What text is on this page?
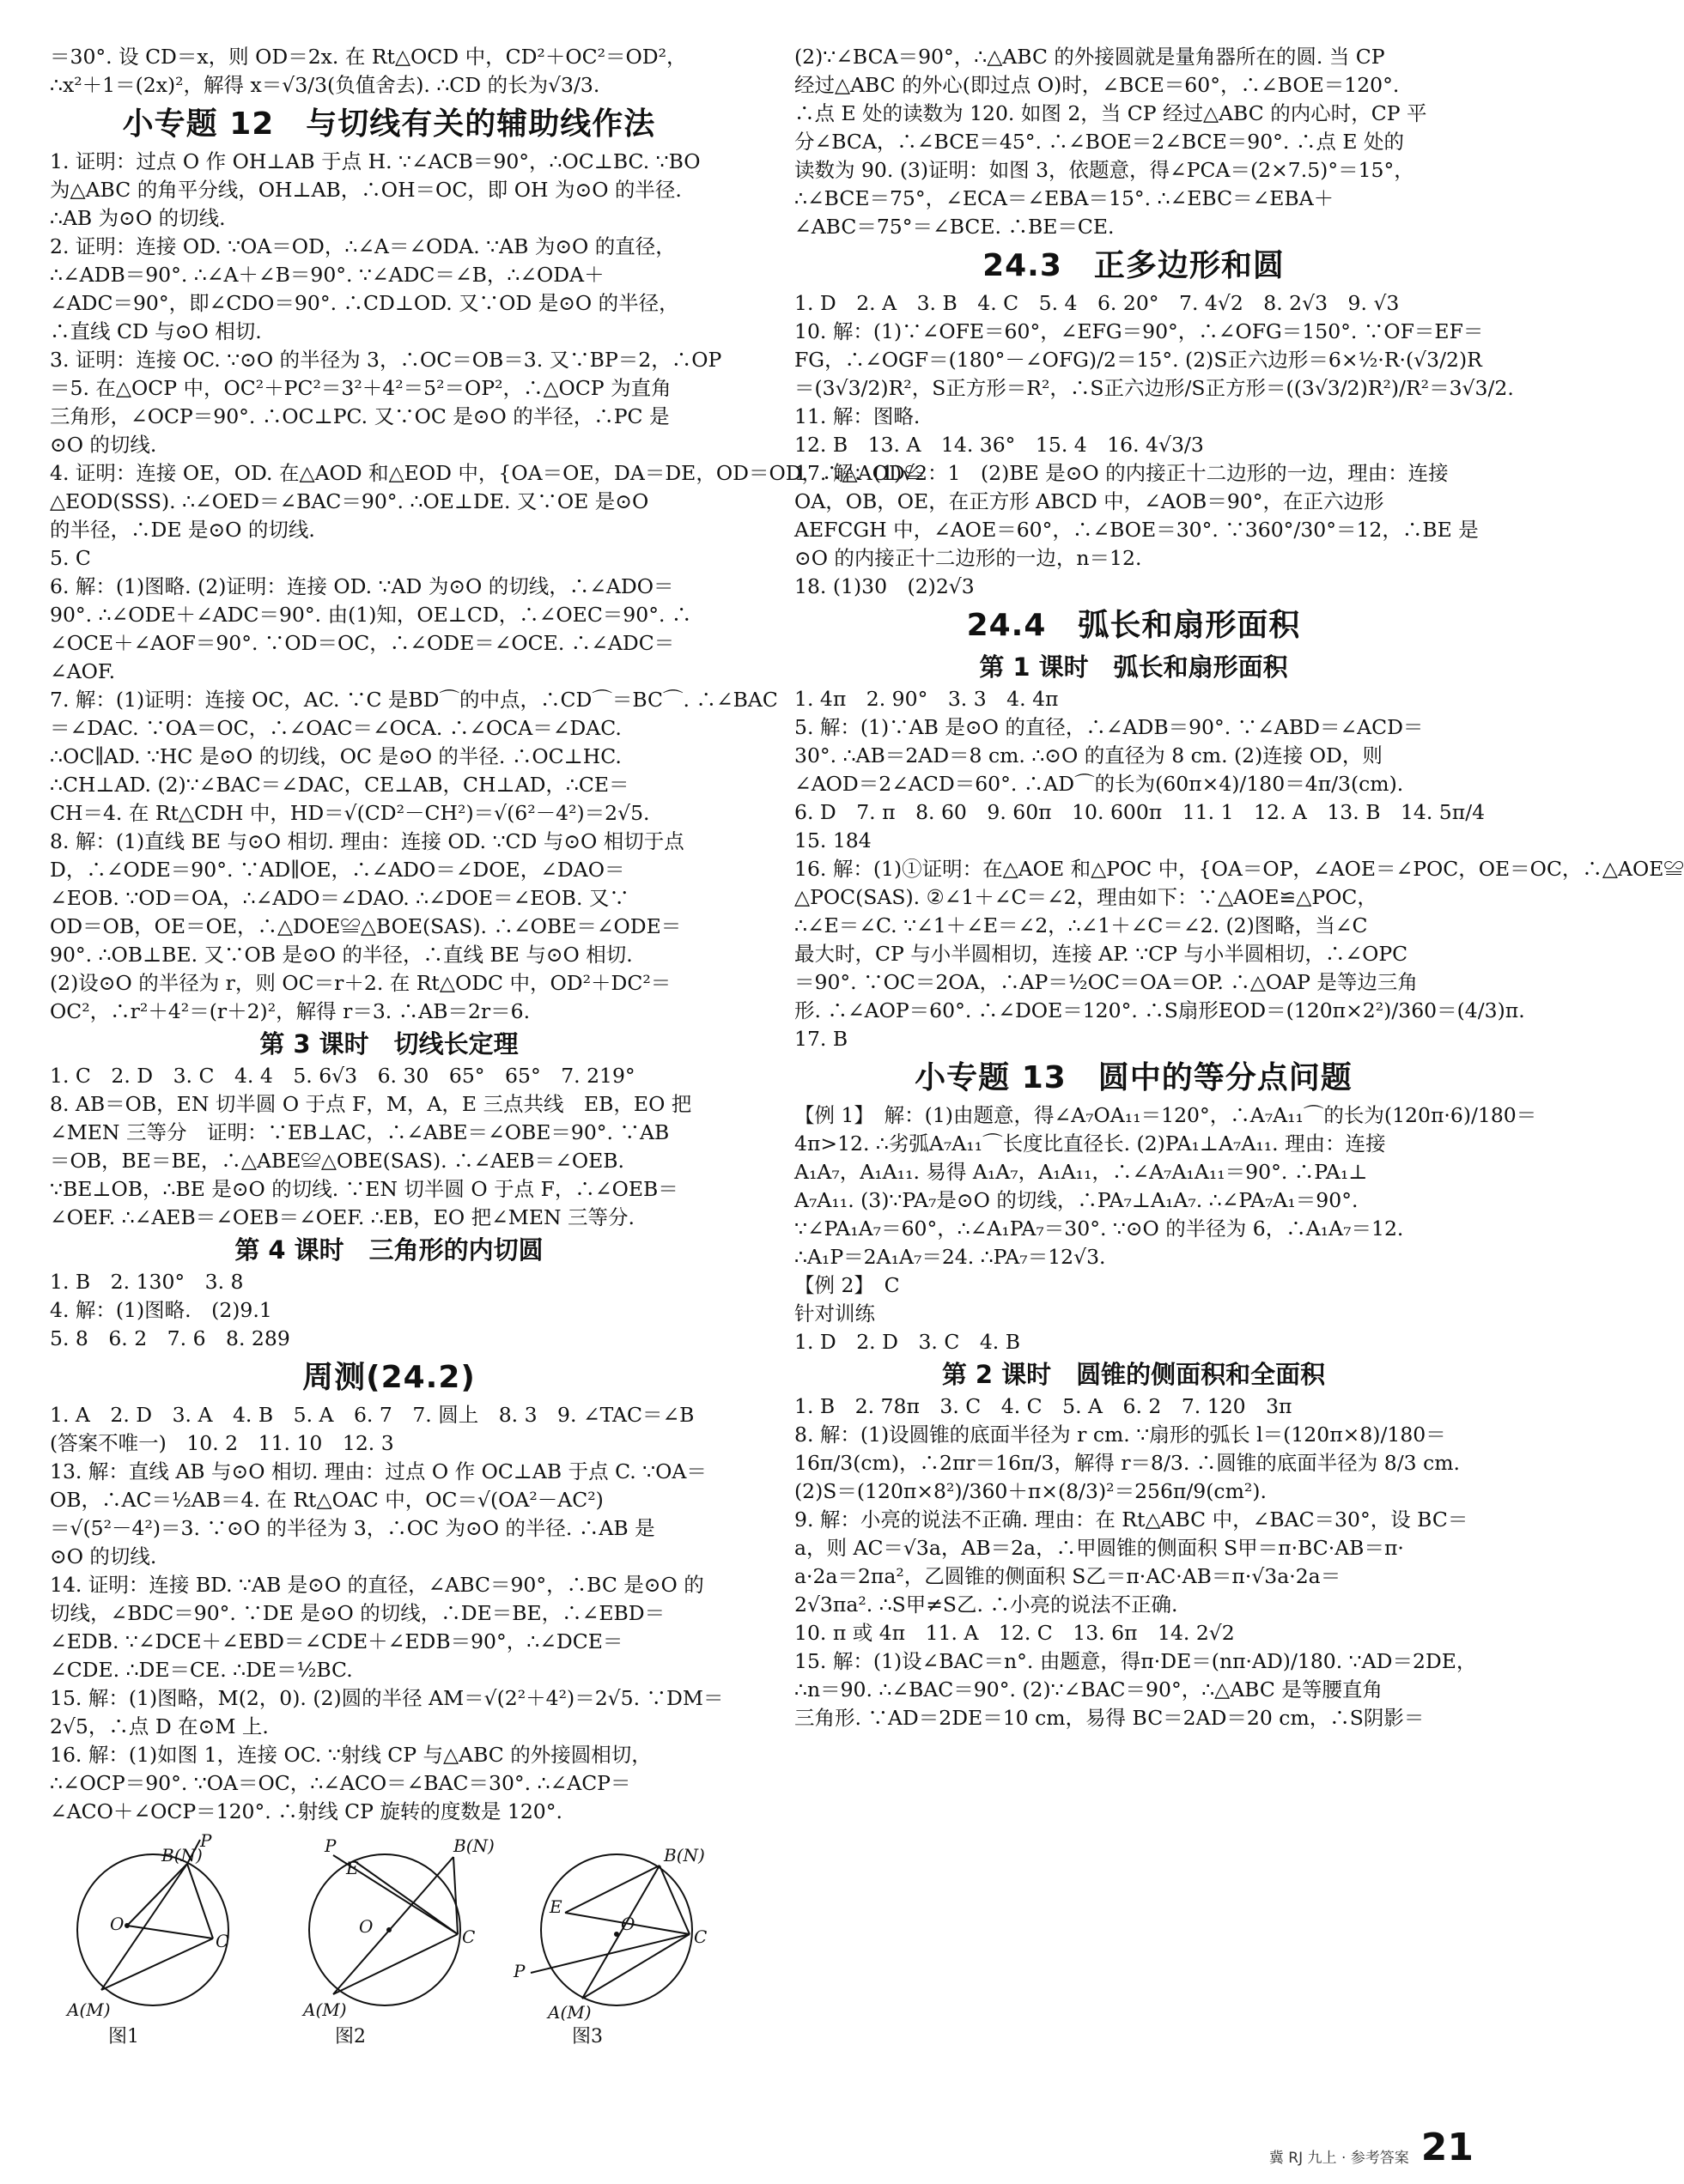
＝30°. 设 CD＝x，则 OD＝2x. 在 Rt△OCD 中，CD²＋OC²＝OD²，
∴x²＋1＝(2x)²，解得 x＝√3/3(负值舍去). ∴CD 的长为√3/3.
小专题 12　与切线有关的辅助线作法
1. 证明：过点 O 作 OH⊥AB 于点 H. ∵∠ACB＝90°，∴OC⊥BC. ∵BO
为△ABC 的角平分线，OH⊥AB，∴OH＝OC，即 OH 为⊙O 的半径.
∴AB 为⊙O 的切线.
2. 证明：连接 OD. ∵OA＝OD，∴∠A＝∠ODA. ∵AB 为⊙O 的直径，
∴∠ADB＝90°. ∴∠A＋∠B＝90°. ∵∠ADC＝∠B，∴∠ODA＋
∠ADC＝90°，即∠CDO＝90°. ∴CD⊥OD. 又∵OD 是⊙O 的半径，
∴直线 CD 与⊙O 相切.
3. 证明：连接 OC. ∵⊙O 的半径为 3，∴OC＝OB＝3. 又∵BP＝2，∴OP
＝5. 在△OCP 中，OC²＋PC²＝3²＋4²＝5²＝OP²，∴△OCP 为直角
三角形，∠OCP＝90°. ∴OC⊥PC. 又∵OC 是⊙O 的半径，∴PC 是
⊙O 的切线.
4. 证明：连接 OE，OD. 在△AOD 和△EOD 中，{OA＝OE，DA＝DE，OD＝OD，∴△AOD≌
△EOD(SSS). ∴∠OED＝∠BAC＝90°. ∴OE⊥DE. 又∵OE 是⊙O
的半径，∴DE 是⊙O 的切线.
5. C
6. 解：(1)图略. (2)证明：连接 OD. ∵AD 为⊙O 的切线，∴∠ADO＝
90°. ∴∠ODE＋∠ADC＝90°. 由(1)知，OE⊥CD，∴∠OEC＝90°. ∴
∠OCE＋∠AOF＝90°. ∵OD＝OC，∴∠ODE＝∠OCE. ∴∠ADC＝
∠AOF.
7. 解：(1)证明：连接 OC，AC. ∵C 是BD⌒的中点，∴CD⌒＝BC⌒. ∴∠BAC
＝∠DAC. ∵OA＝OC，∴∠OAC＝∠OCA. ∴∠OCA＝∠DAC.
∴OC∥AD. ∵HC 是⊙O 的切线，OC 是⊙O 的半径. ∴OC⊥HC.
∴CH⊥AD. (2)∵∠BAC＝∠DAC，CE⊥AB，CH⊥AD，∴CE＝
CH＝4. 在 Rt△CDH 中，HD＝√(CD²－CH²)＝√(6²－4²)＝2√5.
8. 解：(1)直线 BE 与⊙O 相切. 理由：连接 OD. ∵CD 与⊙O 相切于点
D，∴∠ODE＝90°. ∵AD∥OE，∴∠ADO＝∠DOE，∠DAO＝
∠EOB. ∵OD＝OA，∴∠ADO＝∠DAO. ∴∠DOE＝∠EOB. 又∵
OD＝OB，OE＝OE，∴△DOE≌△BOE(SAS). ∴∠OBE＝∠ODE＝
90°. ∴OB⊥BE. 又∵OB 是⊙O 的半径，∴直线 BE 与⊙O 相切.
(2)设⊙O 的半径为 r，则 OC＝r＋2. 在 Rt△ODC 中，OD²＋DC²＝
OC²，∴r²＋4²＝(r＋2)²，解得 r＝3. ∴AB＝2r＝6.
第 3 课时　切线长定理
1. C　2. D　3. C　4. 4　5. 6√3　6. 30　65°　65°　7. 219°
8. AB＝OB，EN 切半圆 O 于点 F，M，A，E 三点共线　EB，EO 把
∠MEN 三等分　证明：∵EB⊥AC，∴∠ABE＝∠OBE＝90°. ∵AB
＝OB，BE＝BE，∴△ABE≌△OBE(SAS). ∴∠AEB＝∠OEB.
∵BE⊥OB，∴BE 是⊙O 的切线. ∵EN 切半圆 O 于点 F，∴∠OEB＝
∠OEF. ∴∠AEB＝∠OEB＝∠OEF. ∴EB，EO 把∠MEN 三等分.
第 4 课时　三角形的内切圆
1. B　2. 130°　3. 8
4. 解：(1)图略.　(2)9.1
5. 8　6. 2　7. 6　8. 289
周测(24.2)
1. A　2. D　3. A　4. B　5. A　6. 7　7. 圆上　8. 3　9. ∠TAC＝∠B
(答案不唯一)　10. 2　11. 10　12. 3
13. 解：直线 AB 与⊙O 相切. 理由：过点 O 作 OC⊥AB 于点 C. ∵OA＝
OB，∴AC＝½AB＝4. 在 Rt△OAC 中，OC＝√(OA²－AC²)
＝√(5²－4²)＝3. ∵⊙O 的半径为 3，∴OC 为⊙O 的半径. ∴AB 是
⊙O 的切线.
14. 证明：连接 BD. ∵AB 是⊙O 的直径，∠ABC＝90°，∴BC 是⊙O 的
切线，∠BDC＝90°. ∵DE 是⊙O 的切线，∴DE＝BE，∴∠EBD＝
∠EDB. ∵∠DCE＋∠EBD＝∠CDE＋∠EDB＝90°，∴∠DCE＝
∠CDE. ∴DE＝CE. ∴DE＝½BC.
15. 解：(1)图略，M(2，0). (2)圆的半径 AM＝√(2²＋4²)＝2√5. ∵DM＝
2√5，∴点 D 在⊙M 上.
16. 解：(1)如图 1，连接 OC. ∵射线 CP 与△ABC 的外接圆相切，
∴∠OCP＝90°. ∵OA＝OC，∴∠ACO＝∠BAC＝30°. ∴∠ACP＝
∠ACO＋∠OCP＝120°. ∴射线 CP 旋转的度数是 120°.
P
B(N)
O
C
A(M)
P
E
B(N)
O	C
A(M)
B(N)
E
O
C
P
A(M)
图1	图2	图3
(2)∵∠BCA＝90°，∴△ABC 的外接圆就是量角器所在的圆. 当 CP
经过△ABC 的外心(即过点 O)时，∠BCE＝60°，∴∠BOE＝120°.
∴点 E 处的读数为 120. 如图 2，当 CP 经过△ABC 的内心时，CP 平
分∠BCA，∴∠BCE＝45°. ∴∠BOE＝2∠BCE＝90°. ∴点 E 处的
读数为 90. (3)证明：如图 3，依题意，得∠PCA＝(2×7.5)°＝15°，
∴∠BCE＝75°，∠ECA＝∠EBA＝15°. ∴∠EBC＝∠EBA＋
∠ABC＝75°＝∠BCE. ∴BE＝CE.
24.3　正多边形和圆
1. D　2. A　3. B　4. C　5. 4　6. 20°　7. 4√2　8. 2√3　9. √3
10. 解：(1)∵∠OFE＝60°，∠EFG＝90°，∴∠OFG＝150°. ∵OF＝EF＝
FG，∴∠OGF＝(180°－∠OFG)/2＝15°. (2)S正六边形＝6×½·R·(√3/2)R
＝(3√3/2)R²，S正方形＝R²，∴S正六边形/S正方形＝((3√3/2)R²)/R²＝3√3/2.
11. 解：图略.
12. B　13. A　14. 36°　15. 4　16. 4√3/3
17. 解：(1)√2：1　(2)BE 是⊙O 的内接正十二边形的一边，理由：连接
OA，OB，OE，在正方形 ABCD 中，∠AOB＝90°，在正六边形
AEFCGH 中，∠AOE＝60°，∴∠BOE＝30°. ∵360°/30°＝12，∴BE 是
⊙O 的内接正十二边形的一边，n＝12.
18. (1)30　(2)2√3
24.4　弧长和扇形面积
第 1 课时　弧长和扇形面积
1. 4π　2. 90°　3. 3　4. 4π
5. 解：(1)∵AB 是⊙O 的直径，∴∠ADB＝90°. ∵∠ABD＝∠ACD＝
30°. ∴AB＝2AD＝8 cm. ∴⊙O 的直径为 8 cm. (2)连接 OD，则
∠AOD＝2∠ACD＝60°. ∴AD⌒的长为(60π×4)/180＝4π/3(cm).
6. D　7. π　8. 60　9. 60π　10. 600π　11. 1　12. A　13. B　14. 5π/4
15. 184
16. 解：(1)①证明：在△AOE 和△POC 中，{OA＝OP，∠AOE＝∠POC，OE＝OC，∴△AOE≌
△POC(SAS). ②∠1＋∠C＝∠2，理由如下：∵△AOE≌△POC，
∴∠E＝∠C. ∵∠1＋∠E＝∠2，∴∠1＋∠C＝∠2. (2)图略，当∠C
最大时，CP 与小半圆相切，连接 AP. ∵CP 与小半圆相切，∴∠OPC
＝90°. ∵OC＝2OA，∴AP＝½OC＝OA＝OP. ∴△OAP 是等边三角
形. ∴∠AOP＝60°. ∴∠DOE＝120°. ∴S扇形EOD＝(120π×2²)/360＝(4/3)π.
17. B
小专题 13　圆中的等分点问题
【例 1】　解：(1)由题意，得∠A₇OA₁₁＝120°，∴A₇A₁₁⌒的长为(120π·6)/180＝
4π>12. ∴劣弧A₇A₁₁⌒长度比直径长. (2)PA₁⊥A₇A₁₁. 理由：连接
A₁A₇，A₁A₁₁. 易得 A₁A₇，A₁A₁₁，∴∠A₇A₁A₁₁＝90°. ∴PA₁⊥
A₇A₁₁. (3)∵PA₇是⊙O 的切线，∴PA₇⊥A₁A₇. ∴∠PA₇A₁＝90°.
∵∠PA₁A₇＝60°，∴∠A₁PA₇＝30°. ∵⊙O 的半径为 6，∴A₁A₇＝12.
∴A₁P＝2A₁A₇＝24. ∴PA₇＝12√3.
【例 2】　C
针对训练
1. D　2. D　3. C　4. B
第 2 课时　圆锥的侧面积和全面积
1. B　2. 78π　3. C　4. C　5. A　6. 2　7. 120　3π
8. 解：(1)设圆锥的底面半径为 r cm. ∵扇形的弧长 l＝(120π×8)/180＝
16π/3(cm)，∴2πr＝16π/3，解得 r＝8/3. ∴圆锥的底面半径为 8/3 cm.
(2)S＝(120π×8²)/360＋π×(8/3)²＝256π/9(cm²).
9. 解：小亮的说法不正确. 理由：在 Rt△ABC 中，∠BAC＝30°，设 BC＝
a，则 AC＝√3a，AB＝2a，∴甲圆锥的侧面积 S甲＝π·BC·AB＝π·
a·2a＝2πa²，乙圆锥的侧面积 S乙＝π·AC·AB＝π·√3a·2a＝
2√3πa². ∴S甲≠S乙. ∴小亮的说法不正确.
10. π 或 4π　11. A　12. C　13. 6π　14. 2√2
15. 解：(1)设∠BAC＝n°. 由题意，得π·DE＝(nπ·AD)/180. ∵AD＝2DE，
∴n＝90. ∴∠BAC＝90°. (2)∵∠BAC＝90°，∴△ABC 是等腰直角
三角形. ∵AD＝2DE＝10 cm，易得 BC＝2AD＝20 cm，∴S阴影＝
冀 RJ 九上 · 参考答案 21
